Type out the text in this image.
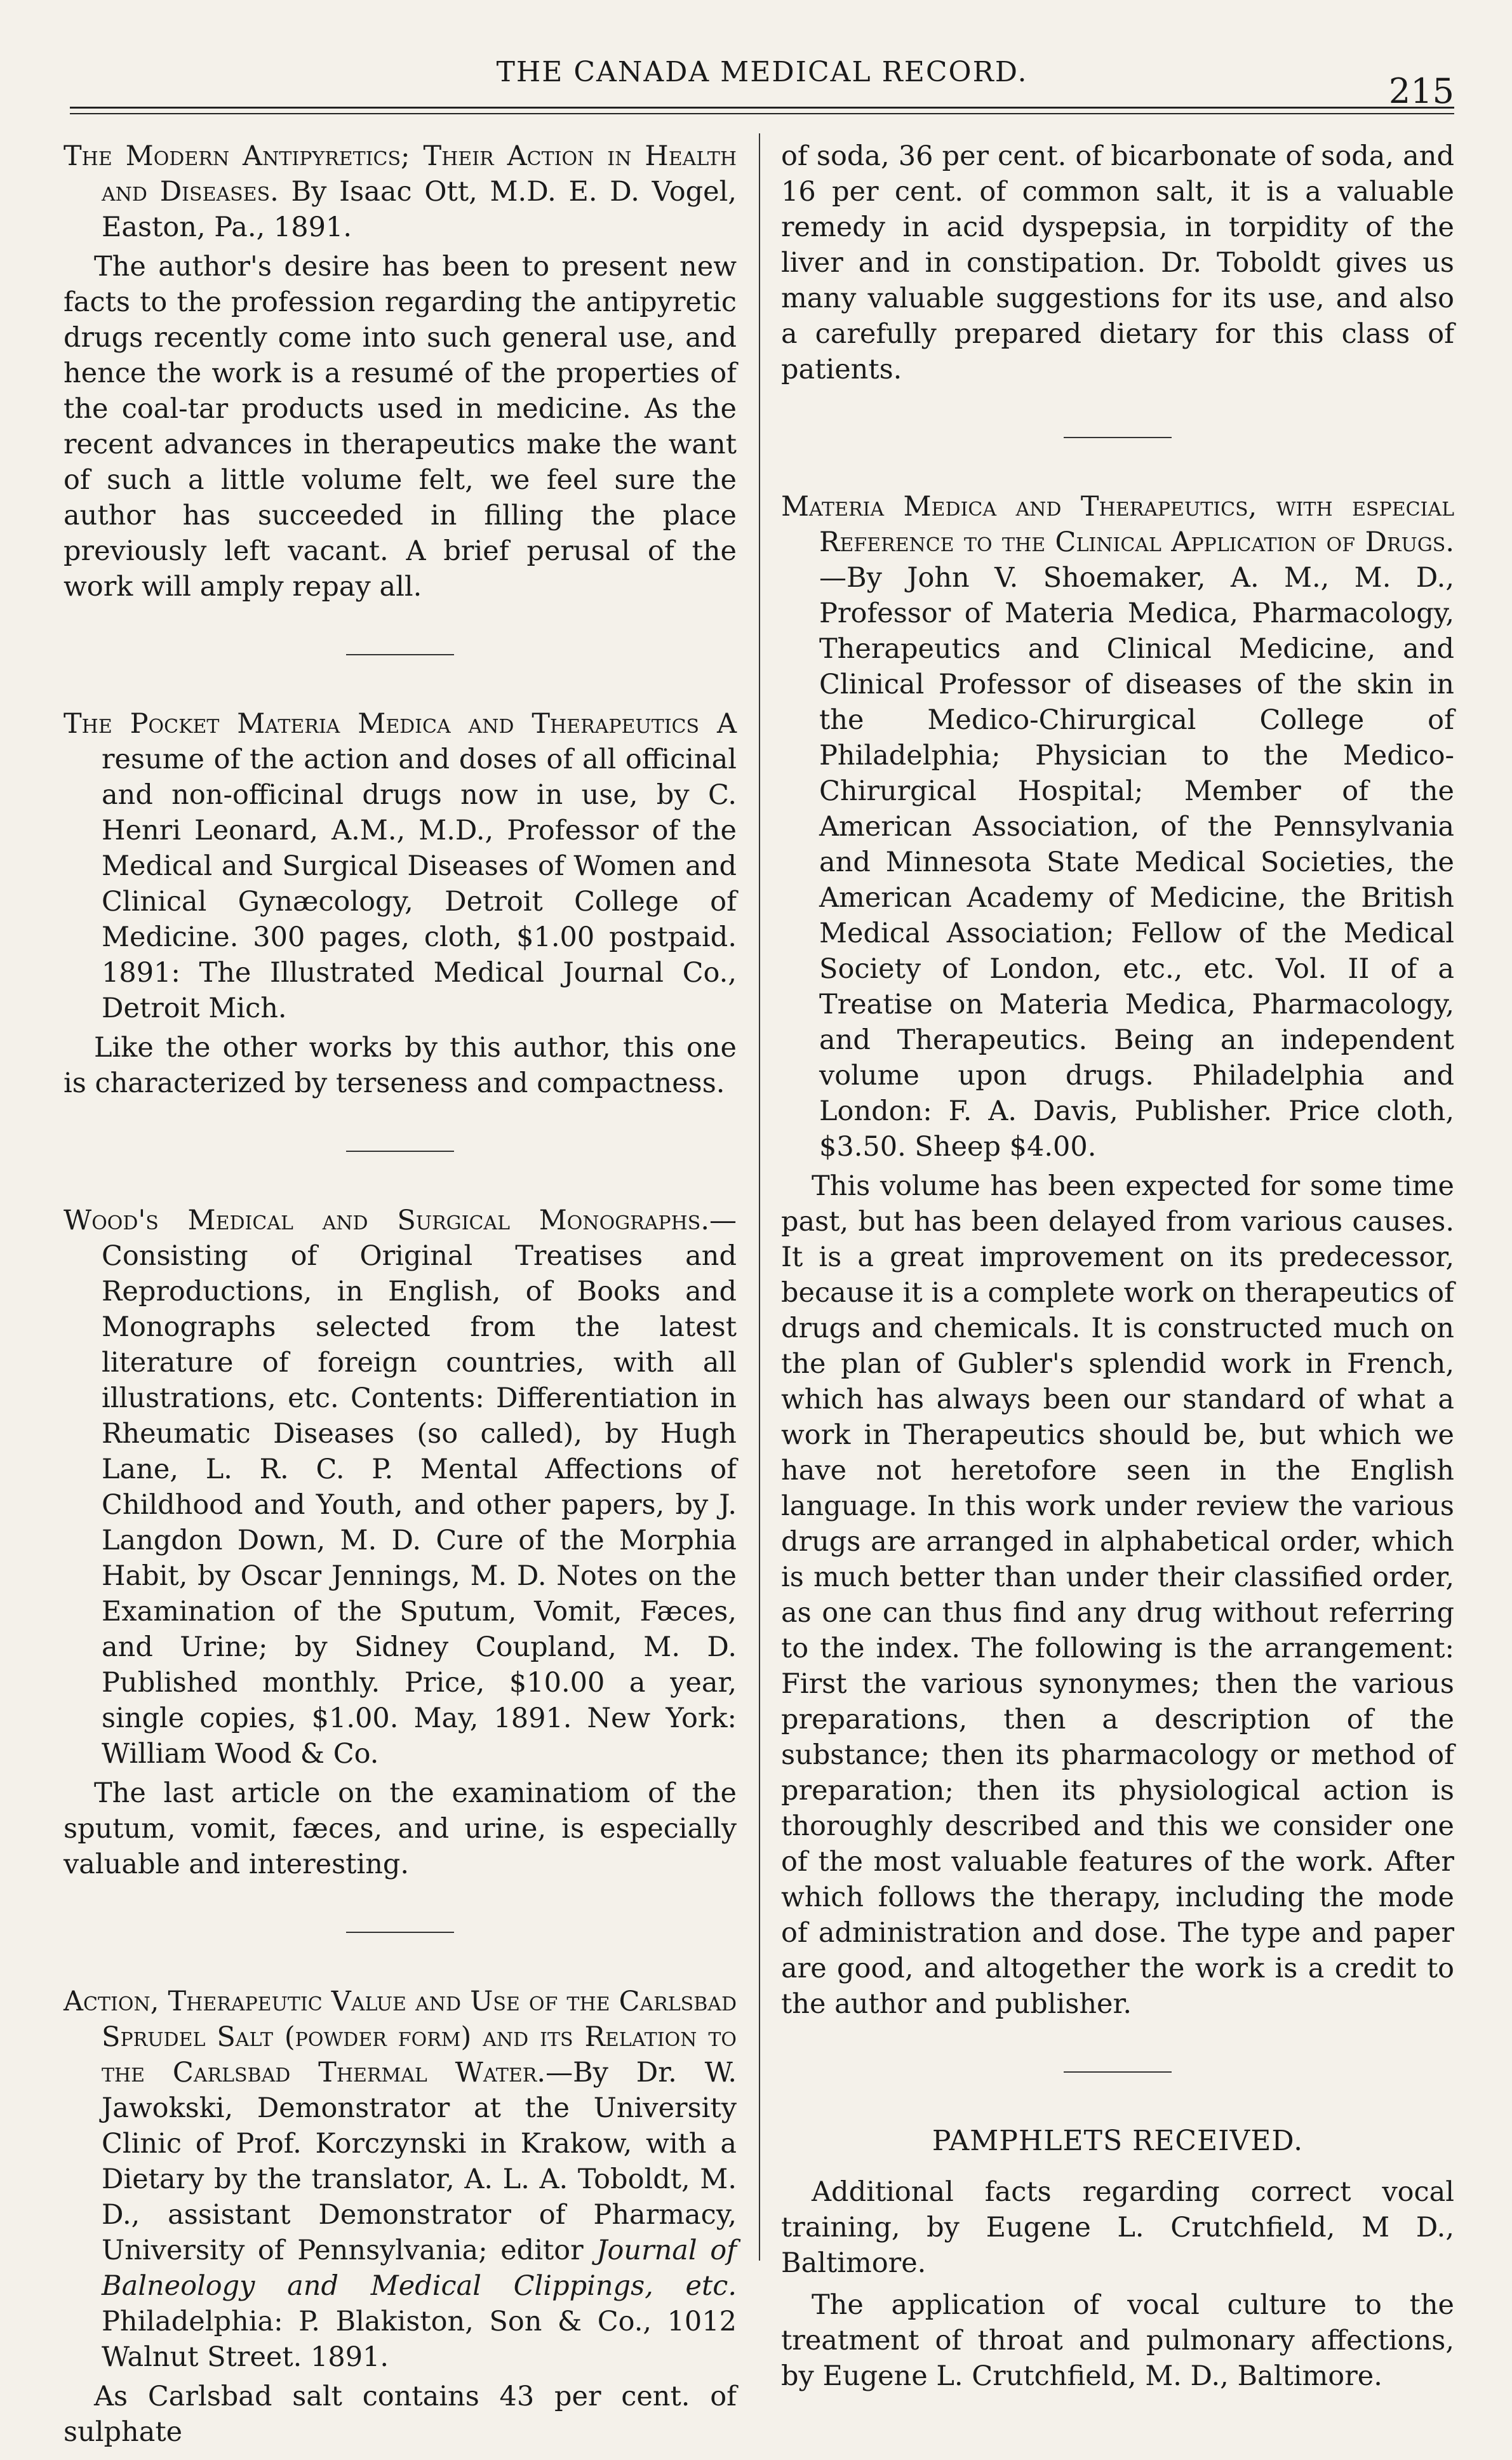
THE CANADA MEDICAL RECORD.	215

The Modern Antipyretics; Their Action in Health and Diseases. By Isaac Ott, M.D. E. D. Vogel, Easton, Pa., 1891.

The author's desire has been to present new facts to the profession regarding the antipyretic drugs recently come into such general use, and hence the work is a resumé of the properties of the coal-tar products used in medicine. As the recent advances in therapeutics make the want of such a little volume felt, we feel sure the author has succeeded in filling the place previously left vacant. A brief perusal of the work will amply repay all.

The Pocket Materia Medica and Therapeutics A resume of the action and doses of all officinal and non-officinal drugs now in use, by C. Henri Leonard, A.M., M.D., Professor of the Medical and Surgical Diseases of Women and Clinical Gynæcology, Detroit College of Medicine. 300 pages, cloth, $1.00 postpaid. 1891: The Illustrated Medical Journal Co., Detroit Mich.

Like the other works by this author, this one is characterized by terseness and compactness.

Wood's Medical and Surgical Monographs.—Consisting of Original Treatises and Reproductions, in English, of Books and Monographs selected from the latest literature of foreign countries, with all illustrations, etc. Contents: Differentiation in Rheumatic Diseases (so called), by Hugh Lane, L. R. C. P. Mental Affections of Childhood and Youth, and other papers, by J. Langdon Down, M. D. Cure of the Morphia Habit, by Oscar Jennings, M. D. Notes on the Examination of the Sputum, Vomit, Fæces, and Urine; by Sidney Coupland, M. D. Published monthly. Price, $10.00 a year, single copies, $1.00. May, 1891. New York: William Wood & Co.

The last article on the examinatiom of the sputum, vomit, fæces, and urine, is especially valuable and interesting.

Action, Therapeutic Value and Use of the Carlsbad Sprudel Salt (powder form) and its Relation to the Carlsbad Thermal Water.—By Dr. W. Jawokski, Demonstrator at the University Clinic of Prof. Korczynski in Krakow, with a Dietary by the translator, A. L. A. Toboldt, M. D., assistant Demonstrator of Pharmacy, University of Pennsylvania; editor Journal of Balneology and Medical Clippings, etc. Philadelphia: P. Blakiston, Son & Co., 1012 Walnut Street. 1891.

As Carlsbad salt contains 43 per cent. of sulphate

of soda, 36 per cent. of bicarbonate of soda, and 16 per cent. of common salt, it is a valuable remedy in acid dyspepsia, in torpidity of the liver and in constipation. Dr. Toboldt gives us many valuable suggestions for its use, and also a carefully prepared dietary for this class of patients.

Materia Medica and Therapeutics, with especial Reference to the Clinical Application of Drugs.—By John V. Shoemaker, A. M., M. D., Professor of Materia Medica, Pharmacology, Therapeutics and Clinical Medicine, and Clinical Professor of diseases of the skin in the Medico-Chirurgical College of Philadelphia; Physician to the Medico-Chirurgical Hospital; Member of the American Association, of the Pennsylvania and Minnesota State Medical Societies, the American Academy of Medicine, the British Medical Association; Fellow of the Medical Society of London, etc., etc. Vol. II of a Treatise on Materia Medica, Pharmacology, and Therapeutics. Being an independent volume upon drugs. Philadelphia and London: F. A. Davis, Publisher. Price cloth, $3.50. Sheep $4.00.

This volume has been expected for some time past, but has been delayed from various causes. It is a great improvement on its predecessor, because it is a complete work on therapeutics of drugs and chemicals. It is constructed much on the plan of Gubler's splendid work in French, which has always been our standard of what a work in Therapeutics should be, but which we have not heretofore seen in the English language. In this work under review the various drugs are arranged in alphabetical order, which is much better than under their classified order, as one can thus find any drug without referring to the index. The following is the arrangement: First the various synonymes; then the various preparations, then a description of the substance; then its pharmacology or method of preparation; then its physiological action is thoroughly described and this we consider one of the most valuable features of the work. After which follows the therapy, including the mode of administration and dose. The type and paper are good, and altogether the work is a credit to the author and publisher.

PAMPHLETS RECEIVED.

Additional facts regarding correct vocal training, by Eugene L. Crutchfield, M D., Baltimore.

The application of vocal culture to the treatment of throat and pulmonary affections, by Eugene L. Crutchfield, M. D., Baltimore.
